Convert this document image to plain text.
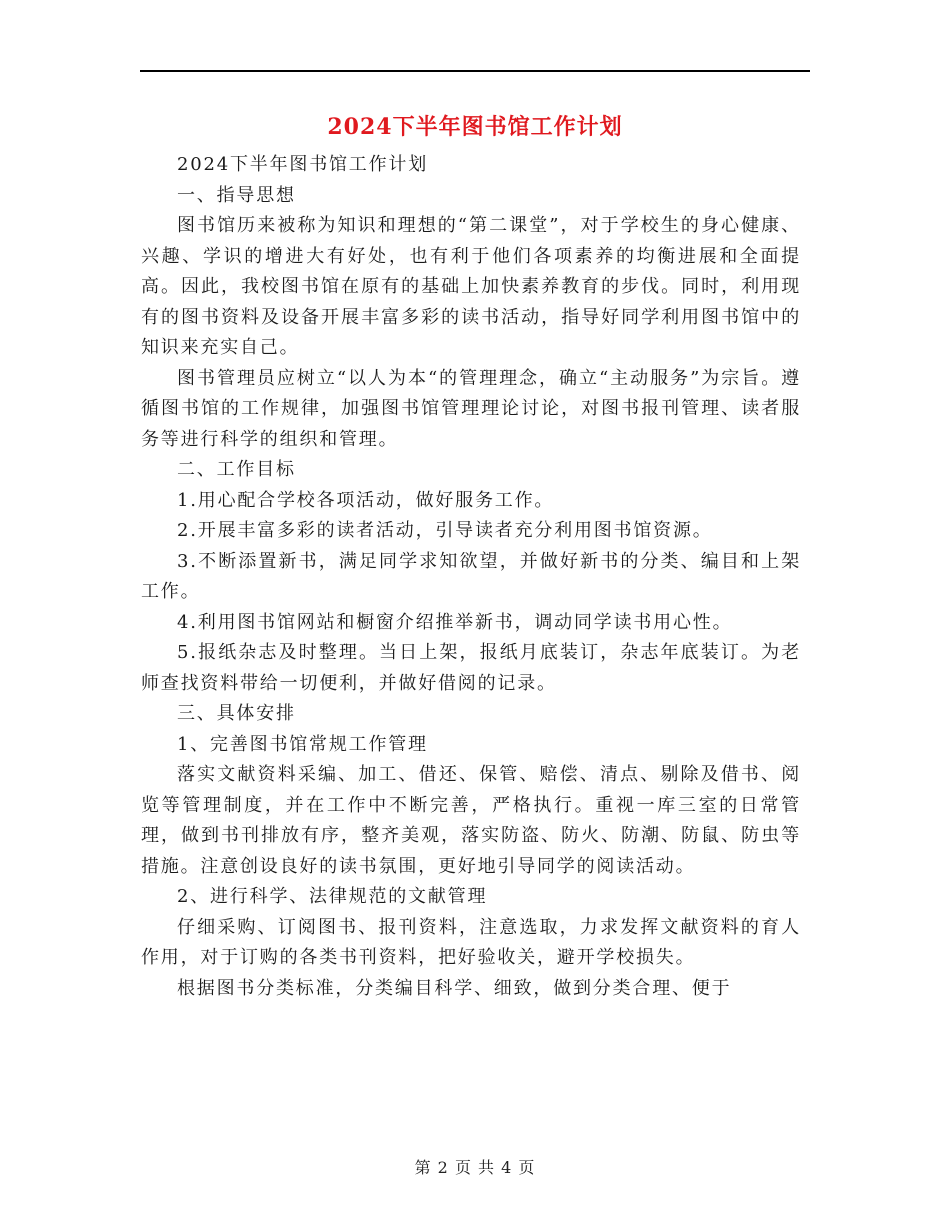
2024下半年图书馆工作计划

2024下半年图书馆工作计划

一、指导思想

图书馆历来被称为知识和理想的“第二课堂”，对于学校生的身心健康、兴趣、学识的增进大有好处，也有利于他们各项素养的均衡进展和全面提高。因此，我校图书馆在原有的基础上加快素养教育的步伐。同时，利用现有的图书资料及设备开展丰富多彩的读书活动，指导好同学利用图书馆中的知识来充实自己。

图书管理员应树立“以人为本“的管理理念，确立“主动服务”为宗旨。遵循图书馆的工作规律，加强图书馆管理理论讨论，对图书报刊管理、读者服务等进行科学的组织和管理。

二、工作目标

1.用心配合学校各项活动，做好服务工作。

2.开展丰富多彩的读者活动，引导读者充分利用图书馆资源。

3.不断添置新书，满足同学求知欲望，并做好新书的分类、编目和上架工作。

4.利用图书馆网站和橱窗介绍推举新书，调动同学读书用心性。

5.报纸杂志及时整理。当日上架，报纸月底装订，杂志年底装订。为老师查找资料带给一切便利，并做好借阅的记录。

三、具体安排

1、完善图书馆常规工作管理

落实文献资料采编、加工、借还、保管、赔偿、清点、剔除及借书、阅览等管理制度，并在工作中不断完善，严格执行。重视一库三室的日常管理，做到书刊排放有序，整齐美观，落实防盗、防火、防潮、防鼠、防虫等措施。注意创设良好的读书氛围，更好地引导同学的阅读活动。

2、进行科学、法律规范的文献管理

仔细采购、订阅图书、报刊资料，注意选取，力求发挥文献资料的育人作用，对于订购的各类书刊资料，把好验收关，避开学校损失。

根据图书分类标准，分类编目科学、细致，做到分类合理、便于

第 2 页 共 4 页
